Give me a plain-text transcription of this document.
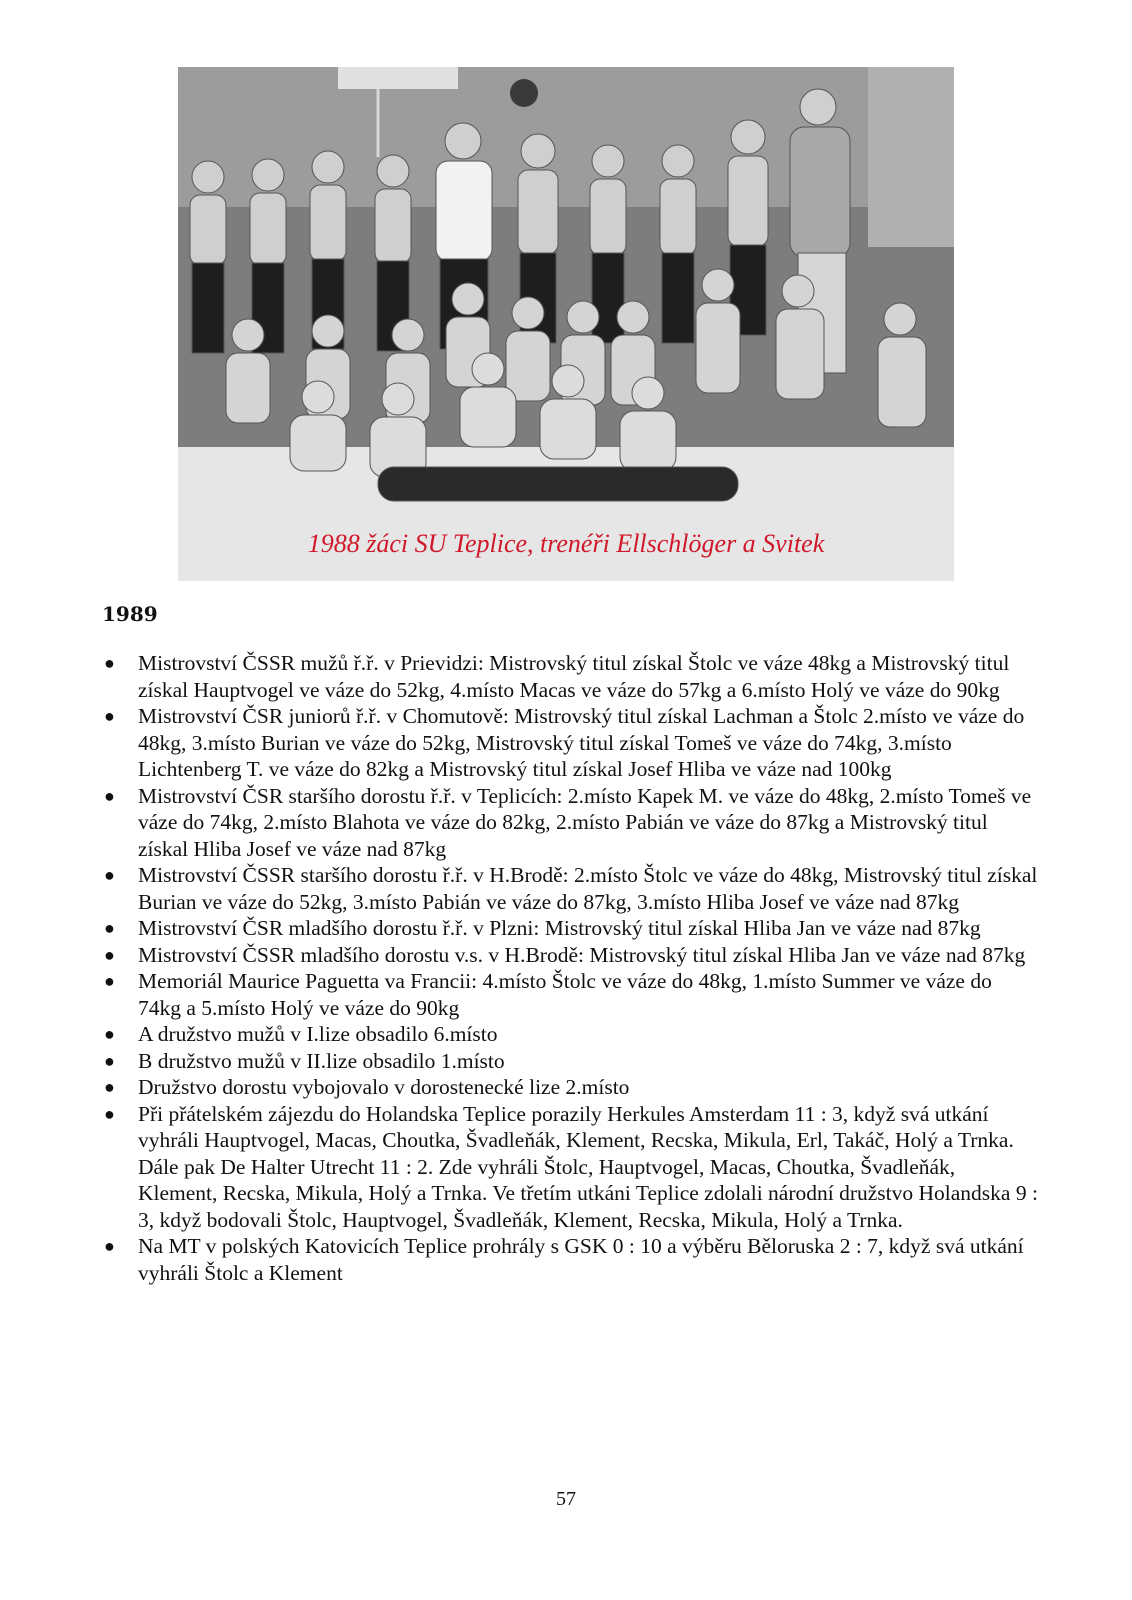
1988 žáci SU Teplice, trenéři Ellschlöger a Svitek
1989
● Mistrovství ČSSR mužů ř.ř. v Prievidzi: Mistrovský titul získal Štolc ve váze 48kg a Mistrovský titul získal Hauptvogel ve váze do 52kg, 4.místo Macas ve váze do 57kg a 6.místo Holý ve váze do 90kg
● Mistrovství ČSR juniorů ř.ř. v Chomutově: Mistrovský titul získal Lachman a Štolc 2.místo ve váze do 48kg, 3.místo Burian ve váze do 52kg, Mistrovský titul získal Tomeš ve váze do 74kg, 3.místo Lichtenberg T. ve váze do 82kg a Mistrovský titul získal Josef Hliba ve váze nad 100kg
● Mistrovství ČSR staršího dorostu ř.ř. v Teplicích: 2.místo Kapek M. ve váze do 48kg, 2.místo Tomeš ve váze do 74kg, 2.místo Blahota ve váze do 82kg, 2.místo Pabián ve váze do 87kg a Mistrovský titul získal Hliba Josef ve váze nad 87kg
● Mistrovství ČSSR staršího dorostu ř.ř. v H.Brodě: 2.místo Štolc ve váze do 48kg, Mistrovský titul získal Burian ve váze do 52kg, 3.místo Pabián ve váze do 87kg, 3.místo Hliba Josef ve váze nad 87kg
● Mistrovství ČSR mladšího dorostu ř.ř. v Plzni: Mistrovský titul získal Hliba Jan ve váze nad 87kg
● Mistrovství ČSSR mladšího dorostu v.s. v H.Brodě: Mistrovský titul získal Hliba Jan ve váze nad 87kg
● Memoriál Maurice Paguetta va Francii: 4.místo Štolc ve váze do 48kg, 1.místo Summer ve váze do 74kg a 5.místo Holý ve váze do 90kg
● A družstvo mužů v I.lize obsadilo 6.místo
● B družstvo mužů v II.lize obsadilo 1.místo
● Družstvo dorostu vybojovalo v dorostenecké lize 2.místo
● Při přátelském zájezdu do Holandska Teplice porazily Herkules Amsterdam 11 : 3, když svá utkání vyhráli Hauptvogel, Macas, Choutka, Švadleňák, Klement, Recska, Mikula, Erl, Takáč, Holý a Trnka. Dále pak De Halter Utrecht 11 : 2. Zde vyhráli Štolc, Hauptvogel, Macas, Choutka, Švadleňák, Klement, Recska, Mikula, Holý a Trnka. Ve třetím utkáni Teplice zdolali národní družstvo Holandska 9 : 3, když bodovali Štolc, Hauptvogel, Švadleňák, Klement, Recska, Mikula, Holý a Trnka.
● Na MT v polských Katovicích Teplice prohrály s GSK 0 : 10 a výběru Běloruska 2 : 7, když svá utkání vyhráli Štolc a Klement
57
